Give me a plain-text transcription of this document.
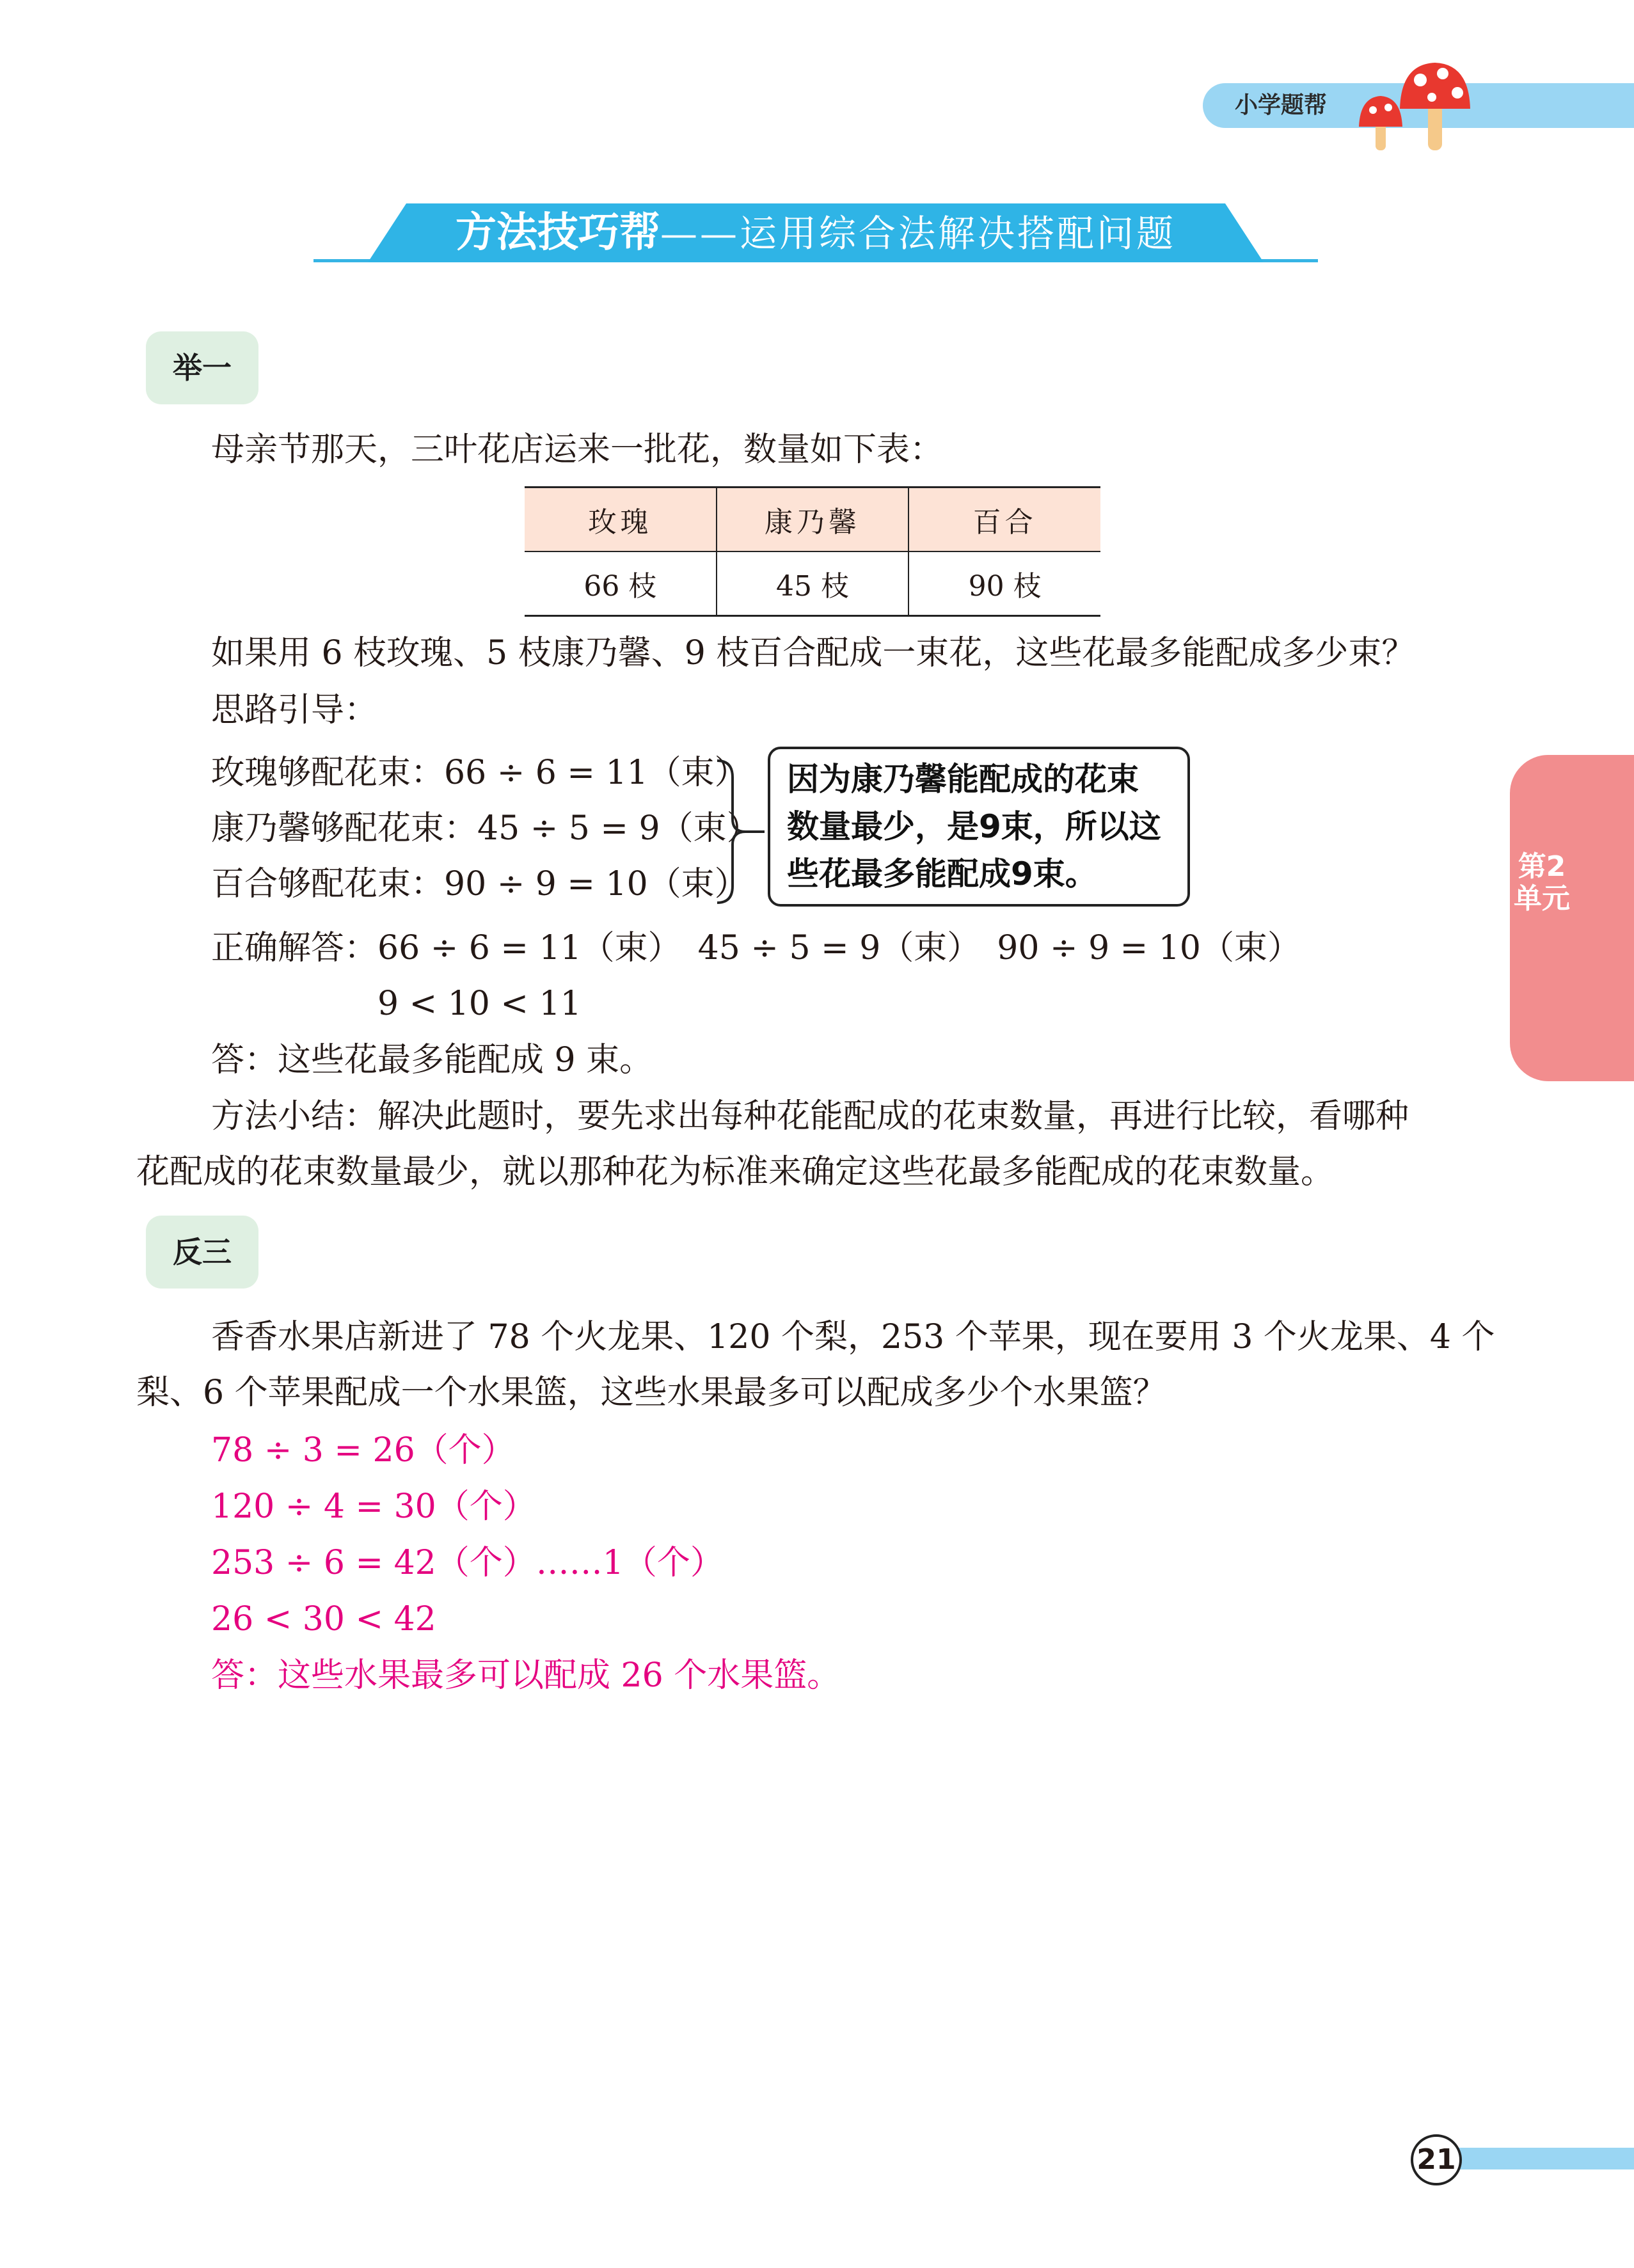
小学题帮
方法技巧帮——运用综合法解决搭配问题
第2单元
举一
母亲节那天，三叶花店运来一批花，数量如下表：
玫瑰	康乃馨	百合
66 枝	45 枝	90 枝
如果用 6 枝玫瑰、5 枝康乃馨、9 枝百合配成一束花，这些花最多能配成多少束？
思路引导：
玫瑰够配花束：66 ÷ 6 = 11（束）
康乃馨够配花束：45 ÷ 5 = 9（束）
百合够配花束：90 ÷ 9 = 10（束）
因为康乃馨能配成的花束
数量最少，是9束，所以这
些花最多能配成9束。
正确解答：66 ÷ 6 = 11（束）　45 ÷ 5 = 9（束）　90 ÷ 9 = 10（束）
9 < 10 < 11
答：这些花最多能配成 9 束。
方法小结：解决此题时，要先求出每种花能配成的花束数量，再进行比较，看哪种
花配成的花束数量最少，就以那种花为标准来确定这些花最多能配成的花束数量。
反三
香香水果店新进了 78 个火龙果、120 个梨，253 个苹果，现在要用 3 个火龙果、4 个
梨、6 个苹果配成一个水果篮，这些水果最多可以配成多少个水果篮？
78 ÷ 3 = 26（个）
120 ÷ 4 = 30（个）
253 ÷ 6 = 42（个）……1（个）
26 < 30 < 42
答：这些水果最多可以配成 26 个水果篮。
21
